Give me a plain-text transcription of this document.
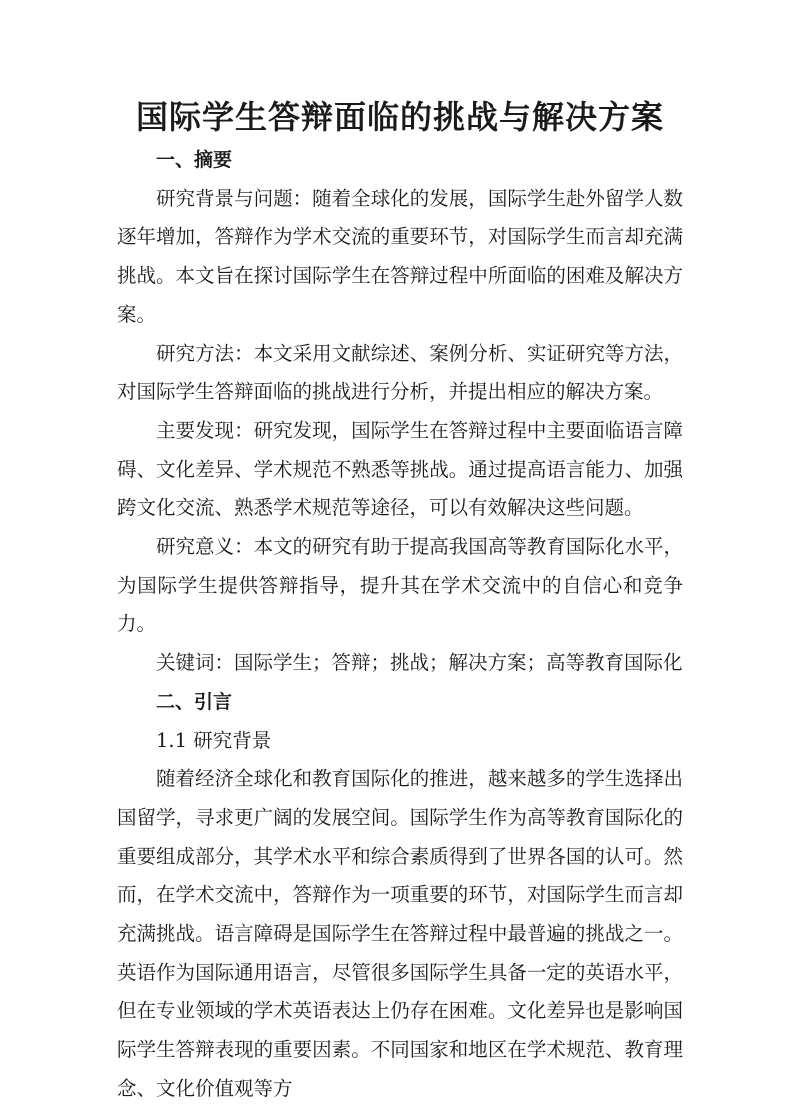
国际学生答辩面临的挑战与解决方案

一、摘要

研究背景与问题：随着全球化的发展，国际学生赴外留学人数逐年增加，答辩作为学术交流的重要环节，对国际学生而言却充满挑战。本文旨在探讨国际学生在答辩过程中所面临的困难及解决方案。

研究方法：本文采用文献综述、案例分析、实证研究等方法，对国际学生答辩面临的挑战进行分析，并提出相应的解决方案。

主要发现：研究发现，国际学生在答辩过程中主要面临语言障碍、文化差异、学术规范不熟悉等挑战。通过提高语言能力、加强跨文化交流、熟悉学术规范等途径，可以有效解决这些问题。

研究意义：本文的研究有助于提高我国高等教育国际化水平，为国际学生提供答辩指导，提升其在学术交流中的自信心和竞争力。

关键词：国际学生；答辩；挑战；解决方案；高等教育国际化

二、引言

1.1 研究背景

随着经济全球化和教育国际化的推进，越来越多的学生选择出国留学，寻求更广阔的发展空间。国际学生作为高等教育国际化的重要组成部分，其学术水平和综合素质得到了世界各国的认可。然而，在学术交流中，答辩作为一项重要的环节，对国际学生而言却充满挑战。语言障碍是国际学生在答辩过程中最普遍的挑战之一。英语作为国际通用语言，尽管很多国际学生具备一定的英语水平，但在专业领域的学术英语表达上仍存在困难。文化差异也是影响国际学生答辩表现的重要因素。不同国家和地区在学术规范、教育理念、文化价值观等方
